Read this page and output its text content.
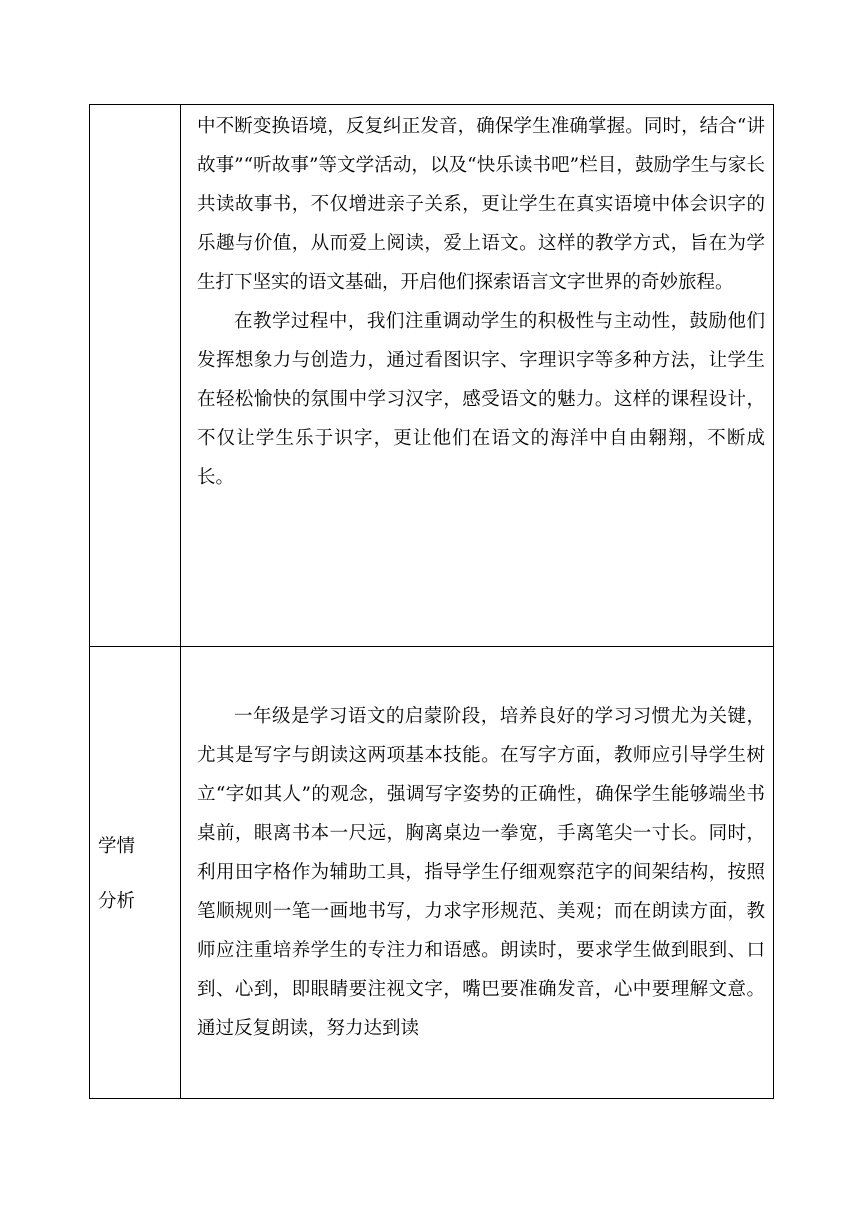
	中不断变换语境，反复纠正发音，确保学生准确掌握。同时，结合“讲故事”“听故事”等文学活动，以及“快乐读书吧”栏目，鼓励学生与家长共读故事书，不仅增进亲子关系，更让学生在真实语境中体会识字的乐趣与价值，从而爱上阅读，爱上语文。这样的教学方式，旨在为学生打下坚实的语文基础，开启他们探索语言文字世界的奇妙旅程。

在教学过程中，我们注重调动学生的积极性与主动性，鼓励他们发挥想象力与创造力，通过看图识字、字理识字等多种方法，让学生在轻松愉快的氛围中学习汉字，感受语文的魅力。这样的课程设计，不仅让学生乐于识字，更让他们在语文的海洋中自由翱翔，不断成长。

学情
分析	一年级是学习语文的启蒙阶段，培养良好的学习习惯尤为关键，尤其是写字与朗读这两项基本技能。在写字方面，教师应引导学生树立“字如其人”的观念，强调写字姿势的正确性，确保学生能够端坐书桌前，眼离书本一尺远，胸离桌边一拳宽，手离笔尖一寸长。同时，利用田字格作为辅助工具，指导学生仔细观察范字的间架结构，按照笔顺规则一笔一画地书写，力求字形规范、美观；而在朗读方面，教师应注重培养学生的专注力和语感。朗读时，要求学生做到眼到、口到、心到，即眼睛要注视文字，嘴巴要准确发音，心中要理解文意。通过反复朗读，努力达到读
